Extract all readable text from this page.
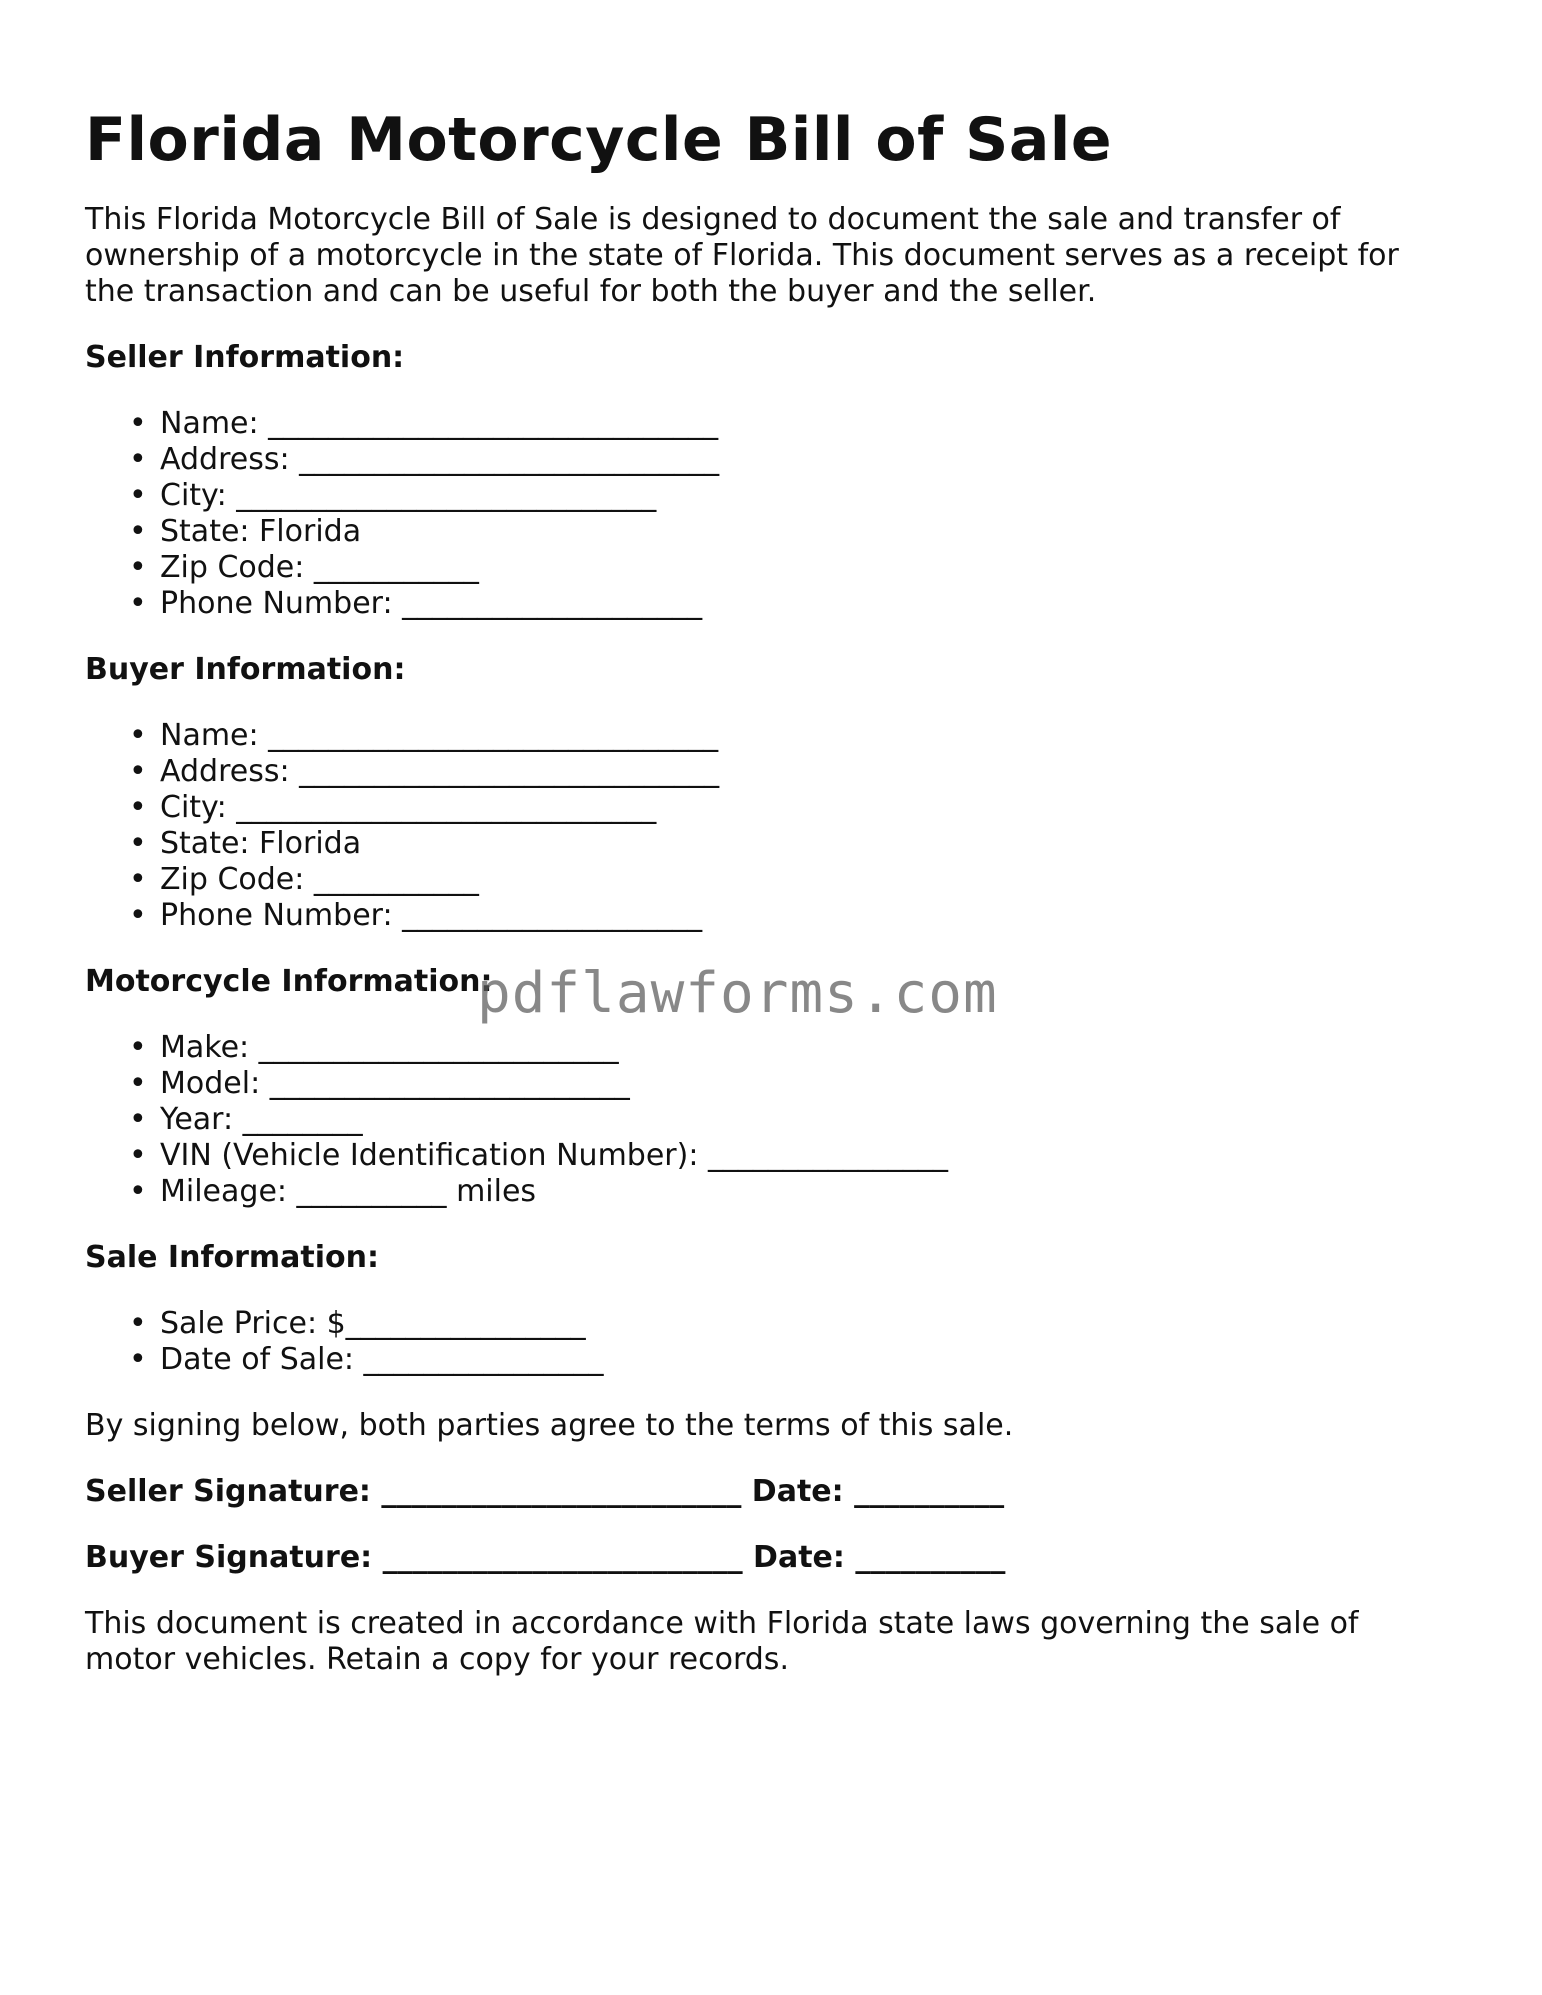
Florida Motorcycle Bill of Sale

This Florida Motorcycle Bill of Sale is designed to document the sale and transfer of ownership of a motorcycle in the state of Florida. This document serves as a receipt for the transaction and can be useful for both the buyer and the seller.

Seller Information:
• Name: ______________________________
• Address: ____________________________
• City: ____________________________
• State: Florida
• Zip Code: ___________
• Phone Number: ____________________
Buyer Information:
• Name: ______________________________
• Address: ____________________________
• City: ____________________________
• State: Florida
• Zip Code: ___________
• Phone Number: ____________________
Motorcycle Information:
• Make: ________________________
• Model: ________________________
• Year: ________
• VIN (Vehicle Identification Number): ________________
• Mileage: __________ miles
Sale Information:
• Sale Price: $________________
• Date of Sale: ________________

By signing below, both parties agree to the terms of this sale.

Seller Signature: ________________________ Date: __________

Buyer Signature: ________________________ Date: __________

This document is created in accordance with Florida state laws governing the sale of motor vehicles. Retain a copy for your records.

pdflawforms.com
